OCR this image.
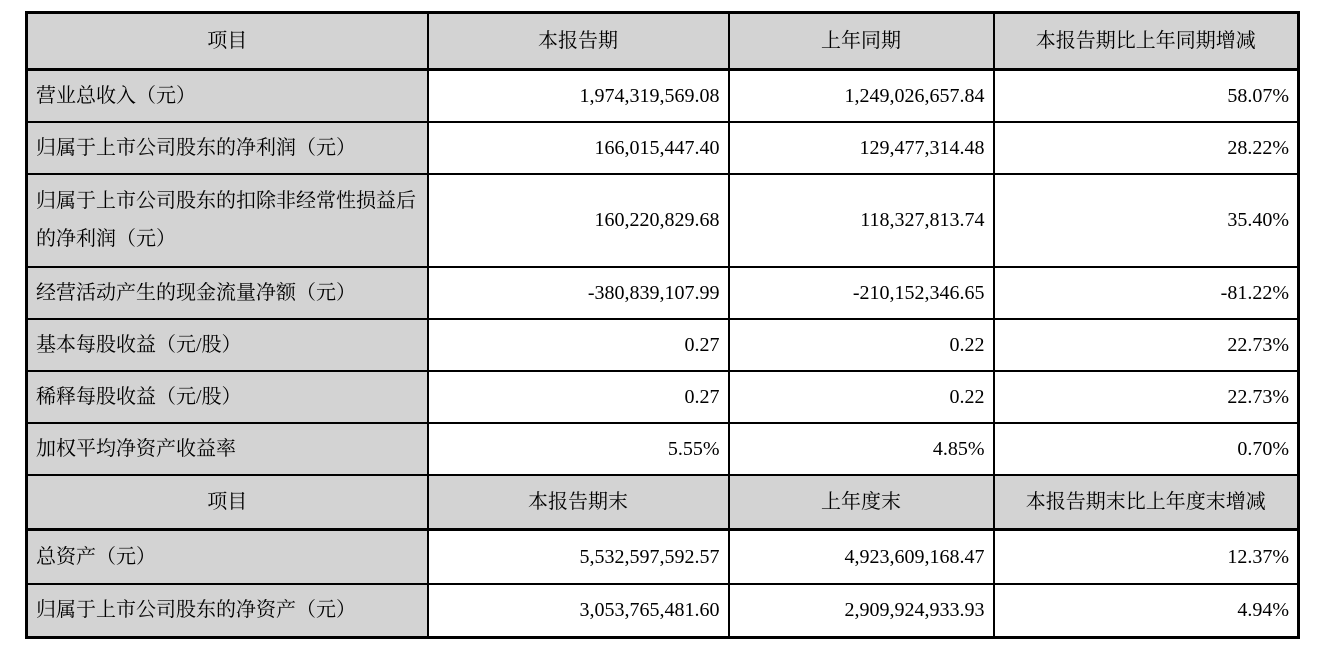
项目	本报告期	上年同期	本报告期比上年同期增减
营业总收入（元）	1,974,319,569.08	1,249,026,657.84	58.07%
归属于上市公司股东的净利润（元）	166,015,447.40	129,477,314.48	28.22%
归属于上市公司股东的扣除非经常性损益后的净利润（元）	160,220,829.68	118,327,813.74	35.40%
经营活动产生的现金流量净额（元）	-380,839,107.99	-210,152,346.65	-81.22%
基本每股收益（元/股）	0.27	0.22	22.73%
稀释每股收益（元/股）	0.27	0.22	22.73%
加权平均净资产收益率	5.55%	4.85%	0.70%
项目	本报告期末	上年度末	本报告期末比上年度末增减
总资产（元）	5,532,597,592.57	4,923,609,168.47	12.37%
归属于上市公司股东的净资产（元）	3,053,765,481.60	2,909,924,933.93	4.94%
